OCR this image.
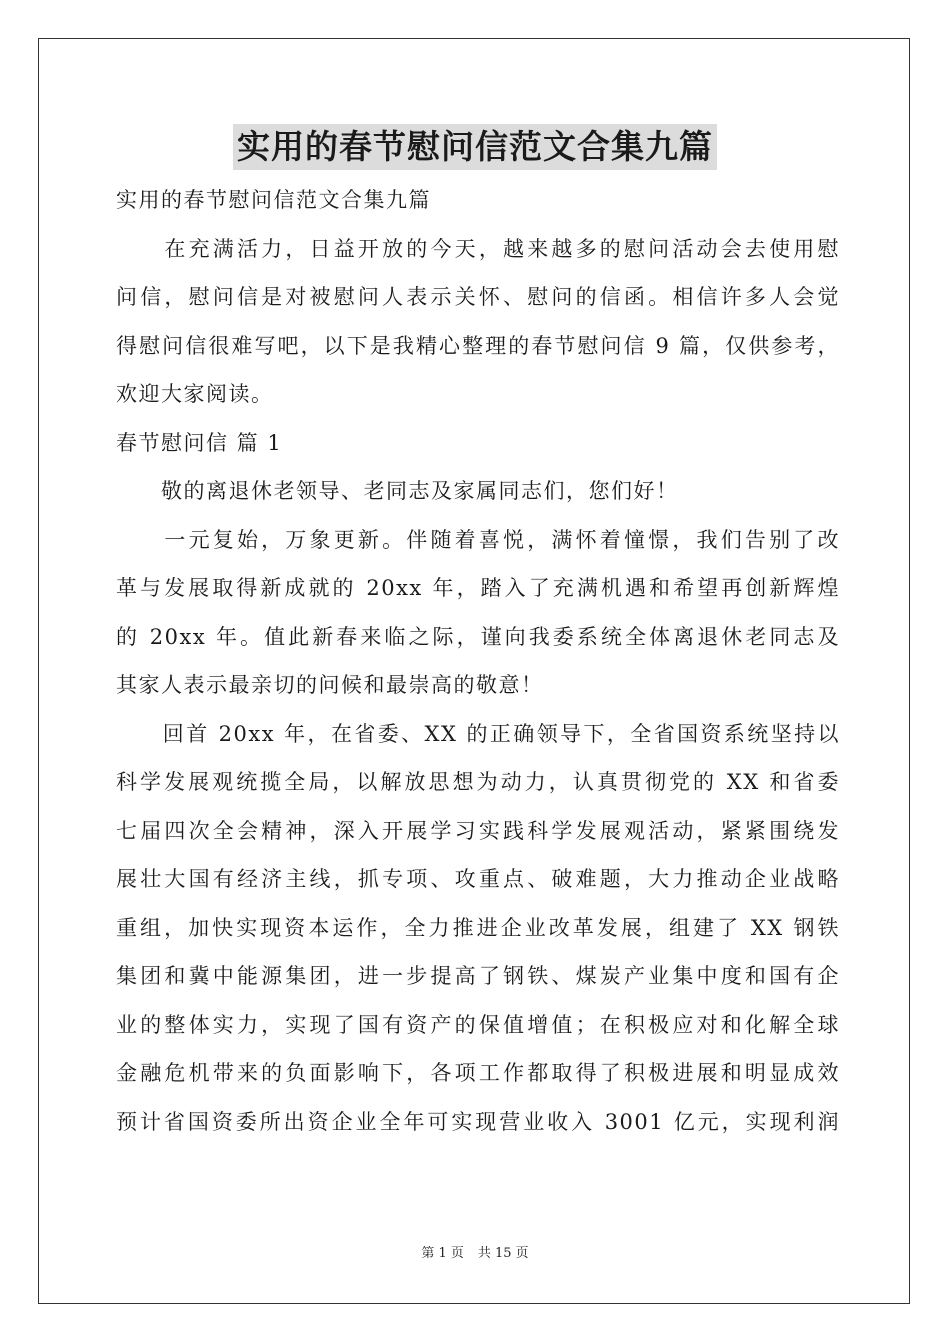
实用的春节慰问信范文合集九篇
实用的春节慰问信范文合集九篇
　　在充满活力，日益开放的今天，越来越多的慰问活动会去使用慰
问信，慰问信是对被慰问人表示关怀、慰问的信函。相信许多人会觉
得慰问信很难写吧，以下是我精心整理的春节慰问信 9 篇，仅供参考，
欢迎大家阅读。
春节慰问信 篇 1
　　敬的离退休老领导、老同志及家属同志们，您们好！
　　一元复始，万象更新。伴随着喜悦，满怀着憧憬，我们告别了改
革与发展取得新成就的 20xx 年，踏入了充满机遇和希望再创新辉煌
的 20xx 年。值此新春来临之际，谨向我委系统全体离退休老同志及
其家人表示最亲切的问候和最崇高的敬意！
　　回首 20xx 年，在省委、XX 的正确领导下，全省国资系统坚持以
科学发展观统揽全局，以解放思想为动力，认真贯彻党的 XX 和省委
七届四次全会精神，深入开展学习实践科学发展观活动，紧紧围绕发
展壮大国有经济主线，抓专项、攻重点、破难题，大力推动企业战略
重组，加快实现资本运作，全力推进企业改革发展，组建了 XX 钢铁
集团和冀中能源集团，进一步提高了钢铁、煤炭产业集中度和国有企
业的整体实力，实现了国有资产的保值增值；在积极应对和化解全球
金融危机带来的负面影响下，各项工作都取得了积极进展和明显成效
预计省国资委所出资企业全年可实现营业收入 3001 亿元，实现利润
第 1 页 共 15 页
